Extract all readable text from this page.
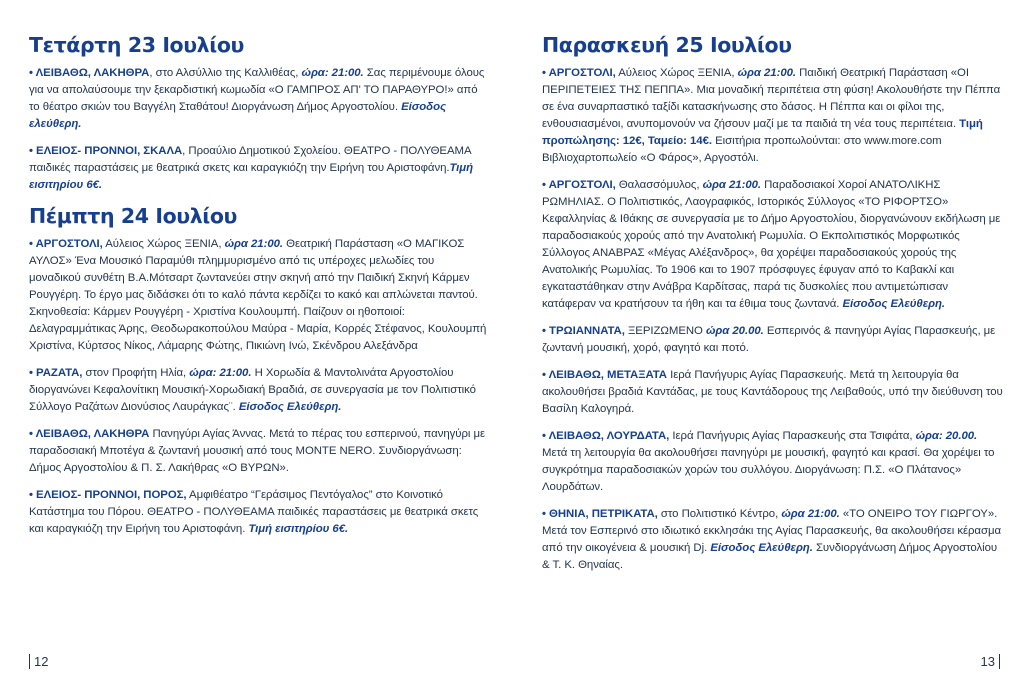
Τετάρτη 23 Ιουλίου

• ΛΕΙΒΑΘΩ, ΛΑΚΗΘΡΑ, στο Αλσύλλιο της Καλλιθέας, ώρα: 21:00. Σας περιμένουμε όλους για να απολαύσουμε την ξεκαρδιστική κωμωδία «Ο ΓΑΜΠΡΟΣ ΑΠ' ΤΟ ΠΑΡΑΘΥΡΟ!» από το θέατρο σκιών του Βαγγέλη Σταθάτου! Διοργάνωση Δήμος Αργοστολίου. Είσοδος ελεύθερη.

• ΕΛΕΙΟΣ- ΠΡΟΝΝΟΙ, ΣΚΑΛΑ, Προαύλιο Δημοτικού Σχολείου. ΘΕΑΤΡΟ - ΠΟΛΥΘΕΑΜΑ παιδικές παραστάσεις με θεατρικά σκετς και καραγκιόζη την Ειρήνη του Αριστοφάνη.Τιμή εισιτηρίου 6€.

Πέμπτη 24 Ιουλίου

• ΑΡΓΟΣΤΟΛΙ, Αύλειος Χώρος ΞΕΝΙΑ, ώρα 21:00. Θεατρική Παράσταση «Ο ΜΑΓΙΚΟΣ ΑΥΛΟΣ» Ένα Μουσικό Παραμύθι πλημμυρισμένο από τις υπέροχες μελωδίες του μοναδικού συνθέτη Β.Α.Μότσαρτ ζωντανεύει στην σκηνή από την Παιδική Σκηνή Κάρμεν Ρουγγέρη. Το έργο μας διδάσκει ότι το καλό πάντα κερδίζει το κακό και απλώνεται παντού. Σκηνοθεσία: Κάρμεν Ρουγγέρη - Χριστίνα Κουλουμπή. Παίζουν οι ηθοποιοί: Δελαγραμμάτικας Άρης, Θεοδωρακοπούλου Μαύρα - Μαρία, Κορρές Στέφανος, Κουλουμπή Χριστίνα, Κύρτσος Νίκος, Λάμαρης Φώτης, Πικιώνη Ινώ, Σκένδρου Αλεξάνδρα

• ΡΑΖΑΤΑ, στον Προφήτη Ηλία, ώρα: 21:00. Η Χορωδία & Μαντολινάτα Αργοστολίου διοργανώνει Κεφαλονίτικη Μουσική-Χορωδιακή Βραδιά, σε συνεργασία με τον Πολιτιστικό Σύλλογο Ραζάτων Διονύσιος Λαυράγκας¨. Είσοδος Ελεύθερη.

• ΛΕΙΒΑΘΩ, ΛΑΚΗΘΡΑ Πανηγύρι Αγίας Άννας. Μετά το πέρας του εσπερινού, πανηγύρι με παραδοσιακή Μποτέγα & ζωντανή μουσική από τους MONTE NERO. Συνδιοργάνωση: Δήμος Αργοστολίου & Π. Σ. Λακήθρας «Ο ΒΥΡΩΝ».

• ΕΛΕΙΟΣ- ΠΡΟΝΝΟΙ, ΠΟΡΟΣ, Αμφιθέατρο “Γεράσιμος Πεντόγαλος” στο Κοινοτικό Κατάστημα του Πόρου. ΘΕΑΤΡΟ - ΠΟΛΥΘΕΑΜΑ παιδικές παραστάσεις με θεατρικά σκετς και καραγκιόζη την Ειρήνη του Αριστοφάνη. Τιμή εισιτηρίου 6€.

12
Παρασκευή 25 Ιουλίου

• ΑΡΓΟΣΤΟΛΙ, Αύλειος Χώρος ΞΕΝΙΑ, ώρα 21:00. Παιδική Θεατρική Παράσταση «ΟΙ ΠΕΡΙΠΕΤΕΙΕΣ ΤΗΣ ΠΕΠΠΑ». Μια μοναδική περιπέτεια στη φύση! Ακολουθήστε την Πέππα σε ένα συναρπαστικό ταξίδι κατασκήνωσης στο δάσος. Η Πέππα και οι φίλοι της, ενθουσιασμένοι, ανυπομονούν να ζήσουν μαζί με τα παιδιά τη νέα τους περιπέτεια. Τιμή προπώλησης: 12€, Ταμείο: 14€. Εισιτήρια προπωλούνται: στο www.more.com Βιβλιοχαρτοπωλείο «Ο Φάρος», Αργοστόλι.

• ΑΡΓΟΣΤΟΛΙ, Θαλασσόμυλος, ώρα 21:00. Παραδοσιακοί Χοροί ΑΝΑΤΟΛΙΚΗΣ ΡΩΜΗΛΙΑΣ. Ο Πολιτιστικός, Λαογραφικός, Ιστορικός Σύλλογος «ΤΟ ΡΙΦΟΡΤΣΟ» Κεφαλληνίας & Ιθάκης σε συνεργασία με το Δήμο Αργοστολίου, διοργανώνουν εκδήλωση με παραδοσιακούς χορούς από την Ανατολική Ρωμυλία. Ο Εκπολιτιστικός Μορφωτικός Σύλλογος ΑΝΑΒΡΑΣ «Μέγας Αλέξανδρος», θα χορέψει παραδοσιακούς χορούς της Ανατολικής Ρωμυλίας. Το 1906 και το 1907 πρόσφυγες έφυγαν από το Καβακλί και εγκαταστάθηκαν στην Ανάβρα Καρδίτσας, παρά τις δυσκολίες που αντιμετώπισαν κατάφεραν να κρατήσουν τα ήθη και τα έθιμα τους ζωντανά. Είσοδος Ελεύθερη.

• ΤΡΩΙΑΝΝΑΤΑ, ΞΕΡΙΖΩΜΕΝΟ ώρα 20.00. Εσπερινός & πανηγύρι Αγίας Παρασκευής, με ζωντανή μουσική, χορό, φαγητό και ποτό.

• ΛΕΙΒΑΘΩ, ΜΕΤΑΞΑΤΑ Ιερά Πανήγυρις Αγίας Παρασκευής. Μετά τη λειτουργία θα ακολουθήσει βραδιά Καντάδας, με τους Καντάδορους της Λειβαθούς, υπό την διεύθυνση του Βασίλη Καλογηρά.

• ΛΕΙΒΑΘΩ, ΛΟΥΡΔΑΤΑ, Ιερά Πανήγυρις Αγίας Παρασκευής στα Τσιφάτα, ώρα: 20.00. Μετά τη λειτουργία θα ακολουθήσει πανηγύρι με μουσική, φαγητό και κρασί. Θα χορέψει το συγκρότημα παραδοσιακών χορών του συλλόγου. Διοργάνωση: Π.Σ. «Ο Πλάτανος» Λουρδάτων.

• ΘΗΝΙΑ, ΠΕΤΡΙΚΑΤΑ, στο Πολιτιστικό Κέντρο, ώρα 21:00. «ΤΟ ΟΝΕΙΡΟ ΤΟΥ ΓΙΩΡΓΟΥ». Μετά τον Εσπερινό στο ιδιωτικό εκκλησάκι της Αγίας Παρασκευής, θα ακολουθήσει κέρασμα από την οικογένεια & μουσική Dj. Είσοδος Ελεύθερη. Συνδιοργάνωση Δήμος Αργοστολίου & Τ. Κ. Θηναίας.

13
